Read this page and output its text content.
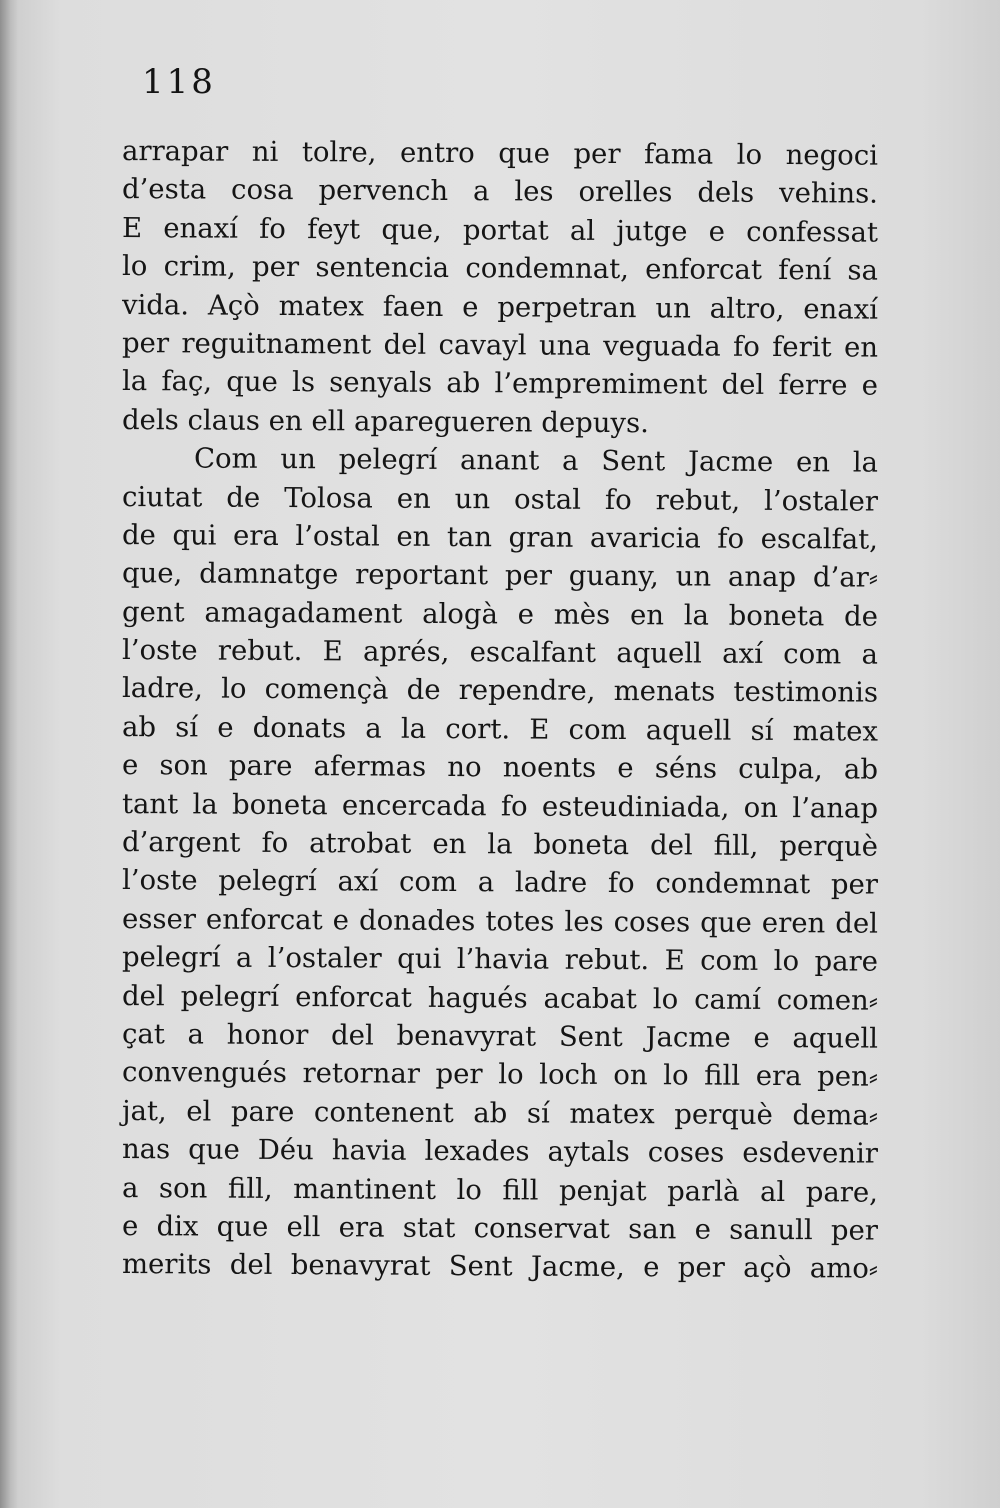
118
arrapar ni tolre, entro que per fama lo negoci
d’esta cosa pervench a les orelles dels vehins.
E enaxí fo feyt que, portat al jutge e confessat
lo crim, per sentencia condemnat, enforcat fení sa
vida. Açò matex faen e perpetran un altro, enaxí
per reguitnament del cavayl una veguada fo ferit en
la faç, que ls senyals ab l’empremiment del ferre e
dels claus en ell aparegueren depuys.
Com un pelegrí anant a Sent Jacme en la
ciutat de Tolosa en un ostal fo rebut, l’ostaler
de qui era l’ostal en tan gran avaricia fo escalfat,
que, damnatge reportant per guany, un anap d’ar⸗
gent amagadament alogà e mès en la boneta de
l’oste rebut. E aprés, escalfant aquell axí com a
ladre, lo començà de rependre, menats testimonis
ab sí e donats a la cort. E com aquell sí matex
e son pare afermas no noents e séns culpa, ab
tant la boneta encercada fo esteudiniada, on l’anap
d’argent fo atrobat en la boneta del fill, perquè
l’oste pelegrí axí com a ladre fo condemnat per
esser enforcat e donades totes les coses que eren del
pelegrí a l’ostaler qui l’havia rebut. E com lo pare
del pelegrí enforcat hagués acabat lo camí comen⸗
çat a honor del benavyrat Sent Jacme e aquell
convengués retornar per lo loch on lo fill era pen⸗
jat, el pare contenent ab sí matex perquè dema⸗
nas que Déu havia lexades aytals coses esdevenir
a son fill, mantinent lo fill penjat parlà al pare,
e dix que ell era stat conservat san e sanull per
merits del benavyrat Sent Jacme, e per açò amo⸗
